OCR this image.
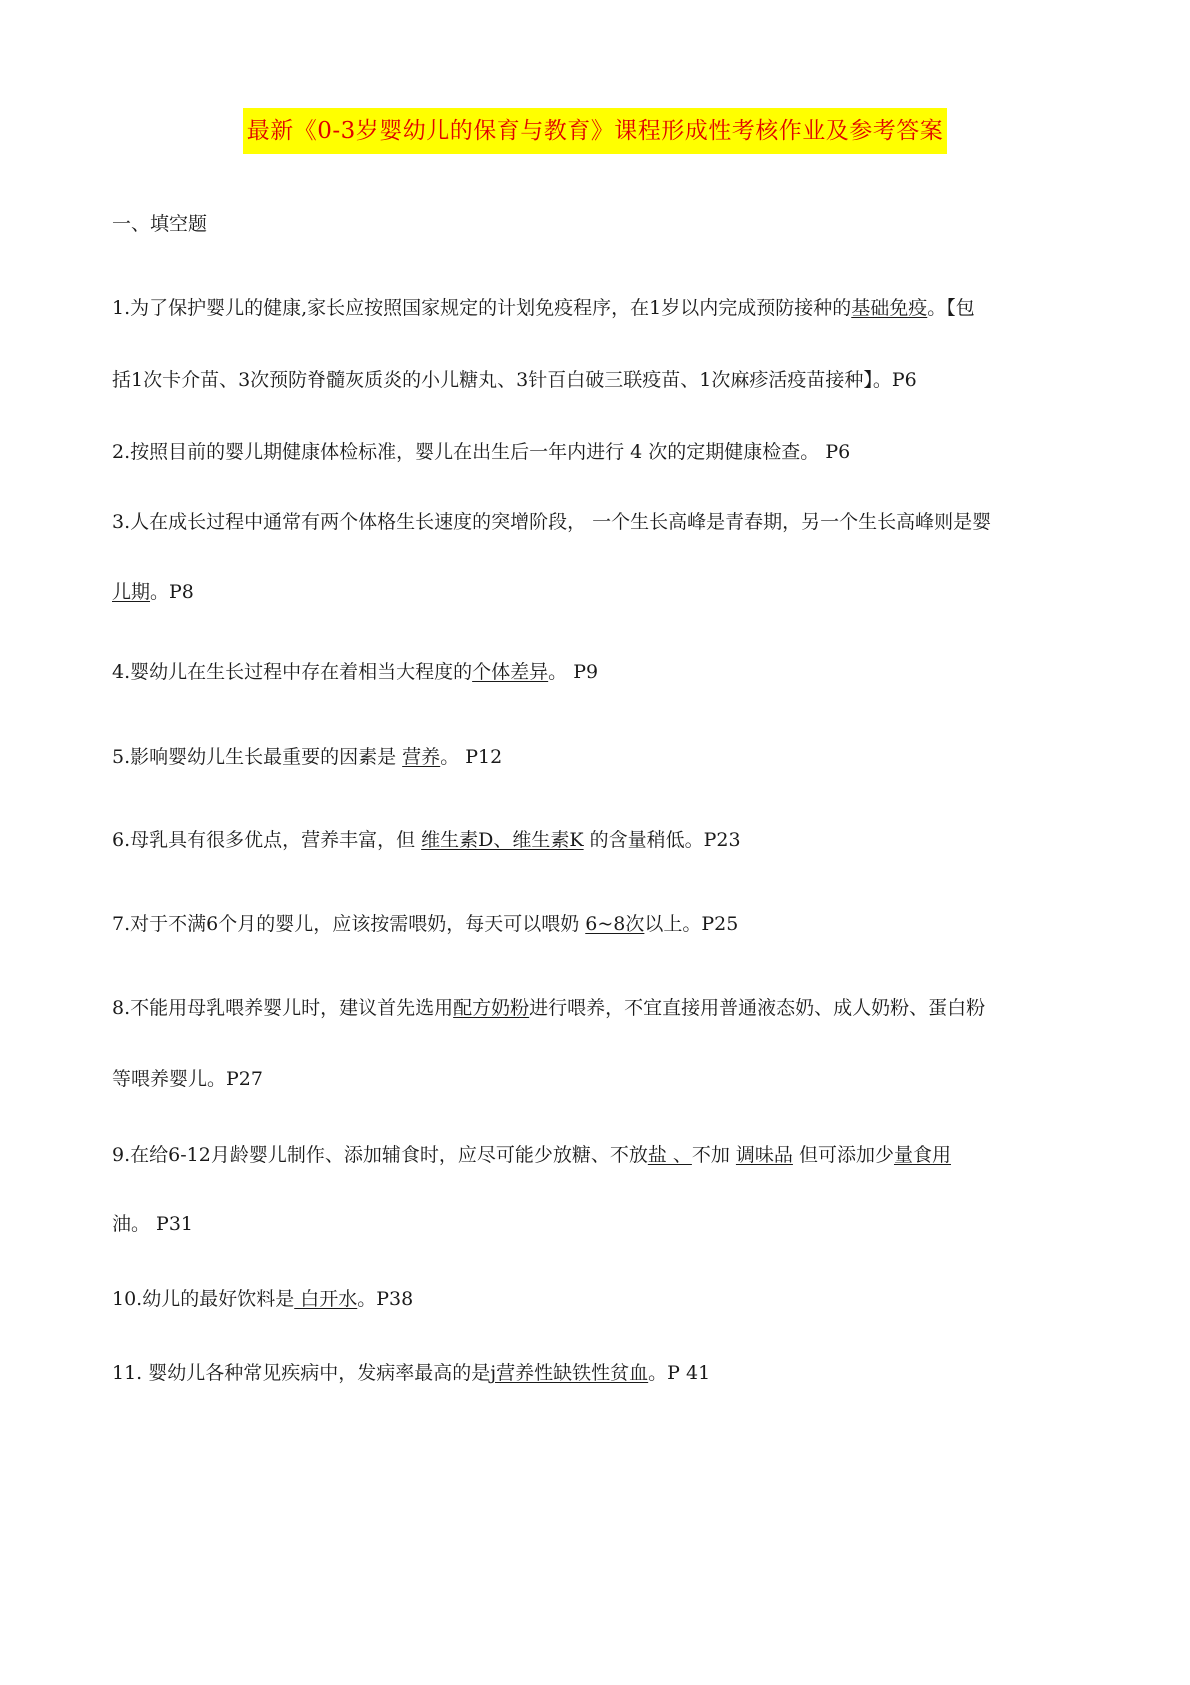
最新《0-3岁婴幼儿的保育与教育》课程形成性考核作业及参考答案
一、填空题
1.为了保护婴儿的健康,家长应按照国家规定的计划免疫程序，在1岁以内完成预防接种的基础免疫。【包
括1次卡介苗、3次预防脊髓灰质炎的小儿糖丸、3针百白破三联疫苗、1次麻疹活疫苗接种】。P6
2.按照目前的婴儿期健康体检标准，婴儿在出生后一年内进行 4 次的定期健康检查。 P6
3.人在成长过程中通常有两个体格生长速度的突增阶段， 一个生长高峰是青春期，另一个生长高峰则是婴
儿期。P8
4.婴幼儿在生长过程中存在着相当大程度的个体差异。 P9
5.影响婴幼儿生长最重要的因素是 营养。 P12
6.母乳具有很多优点，营养丰富，但 维生素D、维生素K 的含量稍低。P23
7.对于不满6个月的婴儿，应该按需喂奶，每天可以喂奶 6~8次以上。P25
8.不能用母乳喂养婴儿时，建议首先选用配方奶粉进行喂养，不宜直接用普通液态奶、成人奶粉、蛋白粉
等喂养婴儿。P27
9.在给6-12月龄婴儿制作、添加辅食时，应尽可能少放糖、不放盐 、不加 调味品 但可添加少量食用
油。 P31
10.幼儿的最好饮料是 白开水。P38
11. 婴幼儿各种常见疾病中，发病率最高的是j营养性缺铁性贫血。P 41
